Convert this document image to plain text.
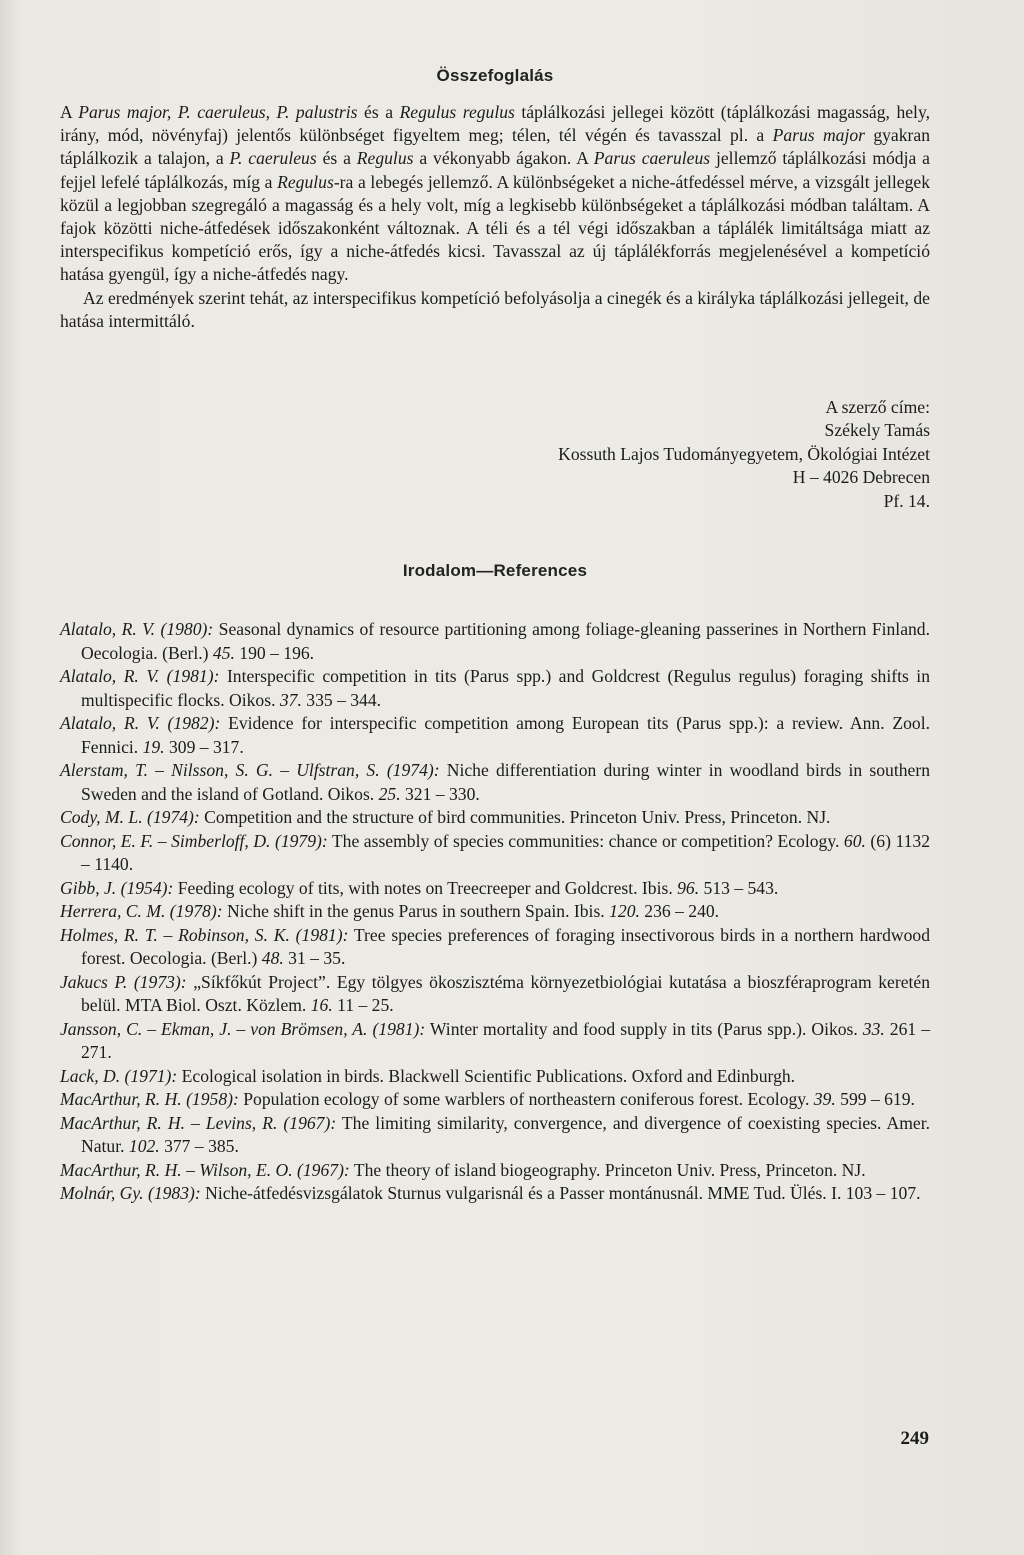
Összefoglalás

A Parus major, P. caeruleus, P. palustris és a Regulus regulus táplálkozási jellegei között (táplálkozási magasság, hely, irány, mód, növényfaj) jelentős különbséget figyeltem meg; télen, tél végén és tavasszal pl. a Parus major gyakran táplálkozik a talajon, a P. caeruleus és a Regulus a vékonyabb ágakon. A Parus caeruleus jellemző táplálkozási módja a fejjel lefelé táplálkozás, míg a Regulus-ra a lebegés jellemző. A különbségeket a niche-átfedéssel mérve, a vizsgált jellegek közül a legjobban szegregáló a magasság és a hely volt, míg a legkisebb különbségeket a táplálkozási módban találtam. A fajok közötti niche-átfedések időszakonként változnak. A téli és a tél végi időszakban a táplálék limitáltsága miatt az interspecifikus kompetíció erős, így a niche-átfedés kicsi. Tavasszal az új táplálékforrás megjelenésével a kompetíció hatása gyengül, így a niche-átfedés nagy.

Az eredmények szerint tehát, az interspecifikus kompetíció befolyásolja a cinegék és a királyka táplálkozási jellegeit, de hatása intermittáló.

A szerző címe:
Székely Tamás
Kossuth Lajos Tudományegyetem, Ökológiai Intézet
H – 4026 Debrecen
Pf. 14.
Irodalom—References

Alatalo, R. V. (1980): Seasonal dynamics of resource partitioning among foliage-gleaning passerines in Northern Finland. Oecologia. (Berl.) 45. 190 – 196.

Alatalo, R. V. (1981): Interspecific competition in tits (Parus spp.) and Goldcrest (Regulus regulus) foraging shifts in multispecific flocks. Oikos. 37. 335 – 344.

Alatalo, R. V. (1982): Evidence for interspecific competition among European tits (Parus spp.): a review. Ann. Zool. Fennici. 19. 309 – 317.

Alerstam, T. – Nilsson, S. G. – Ulfstran, S. (1974): Niche differentiation during winter in woodland birds in southern Sweden and the island of Gotland. Oikos. 25. 321 – 330.

Cody, M. L. (1974): Competition and the structure of bird communities. Princeton Univ. Press, Princeton. NJ.

Connor, E. F. – Simberloff, D. (1979): The assembly of species communities: chance or competition? Ecology. 60. (6) 1132 – 1140.

Gibb, J. (1954): Feeding ecology of tits, with notes on Treecreeper and Goldcrest. Ibis. 96. 513 – 543.

Herrera, C. M. (1978): Niche shift in the genus Parus in southern Spain. Ibis. 120. 236 – 240.

Holmes, R. T. – Robinson, S. K. (1981): Tree species preferences of foraging insectivorous birds in a northern hardwood forest. Oecologia. (Berl.) 48. 31 – 35.

Jakucs P. (1973): „Síkfőkút Project”. Egy tölgyes ökoszisztéma környezetbiológiai kutatása a bioszféraprogram keretén belül. MTA Biol. Oszt. Közlem. 16. 11 – 25.

Jansson, C. – Ekman, J. – von Brömsen, A. (1981): Winter mortality and food supply in tits (Parus spp.). Oikos. 33. 261 – 271.

Lack, D. (1971): Ecological isolation in birds. Blackwell Scientific Publications. Oxford and Edinburgh.

MacArthur, R. H. (1958): Population ecology of some warblers of northeastern coniferous forest. Ecology. 39. 599 – 619.

MacArthur, R. H. – Levins, R. (1967): The limiting similarity, convergence, and divergence of coexisting species. Amer. Natur. 102. 377 – 385.

MacArthur, R. H. – Wilson, E. O. (1967): The theory of island biogeography. Princeton Univ. Press, Princeton. NJ.

Molnár, Gy. (1983): Niche-átfedésvizsgálatok Sturnus vulgarisnál és a Passer montánusnál. MME Tud. Ülés. I. 103 – 107.

249
